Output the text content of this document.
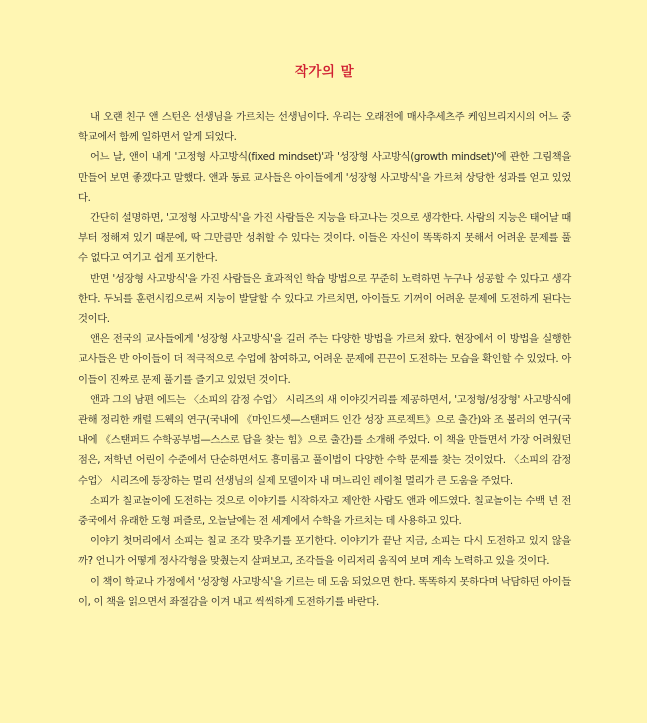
작가의 말

내 오랜 친구 앤 스턴은 선생님을 가르치는 선생님이다. 우리는 오래전에 매사추세츠주 케임브리지시의 어느 중학교에서 함께 일하면서 알게 되었다.

어느 날, 앤이 내게 '고정형 사고방식(fixed mindset)'과 '성장형 사고방식(growth mindset)'에 관한 그림책을 만들어 보면 좋겠다고 말했다. 앤과 동료 교사들은 아이들에게 '성장형 사고방식'을 가르쳐 상당한 성과를 얻고 있었다.

간단히 설명하면, '고정형 사고방식'을 가진 사람들은 지능을 타고나는 것으로 생각한다. 사람의 지능은 태어날 때부터 정해져 있기 때문에, 딱 그만큼만 성취할 수 있다는 것이다. 이들은 자신이 똑똑하지 못해서 어려운 문제를 풀 수 없다고 여기고 쉽게 포기한다.

반면 '성장형 사고방식'을 가진 사람들은 효과적인 학습 방법으로 꾸준히 노력하면 누구나 성공할 수 있다고 생각한다. 두뇌를 훈련시킴으로써 지능이 발달할 수 있다고 가르치면, 아이들도 기꺼이 어려운 문제에 도전하게 된다는 것이다.

앤은 전국의 교사들에게 '성장형 사고방식'을 길러 주는 다양한 방법을 가르쳐 왔다. 현장에서 이 방법을 실행한 교사들은 반 아이들이 더 적극적으로 수업에 참여하고, 어려운 문제에 끈끈이 도전하는 모습을 확인할 수 있었다. 아이들이 진짜로 문제 풀기를 즐기고 있었던 것이다.

앤과 그의 남편 에드는 〈소피의 감정 수업〉 시리즈의 새 이야깃거리를 제공하면서, '고정형/성장형' 사고방식에 관해 정리한 캐럴 드웩의 연구(국내에 《마인드셋—스탠퍼드 인간 성장 프로젝트》으로 출간)와 조 볼러의 연구(국내에 《스탠퍼드 수학공부법—스스로 답을 찾는 힘》으로 출간)를 소개해 주었다. 이 책을 만들면서 가장 어려웠던 점은, 저학년 어린이 수준에서 단순하면서도 흥미롭고 풀이법이 다양한 수학 문제를 찾는 것이었다. 〈소피의 감정 수업〉 시리즈에 등장하는 멀리 선생님의 실제 모델이자 내 며느리인 레이철 멀리가 큰 도움을 주었다.

소피가 칠교놀이에 도전하는 것으로 이야기를 시작하자고 제안한 사람도 앤과 에드였다. 칠교놀이는 수백 년 전 중국에서 유래한 도형 퍼즐로, 오늘날에는 전 세계에서 수학을 가르치는 데 사용하고 있다.

이야기 첫머리에서 소피는 칠교 조각 맞추기를 포기한다. 이야기가 끝난 지금, 소피는 다시 도전하고 있지 않을까? 언니가 어떻게 정사각형을 맞췄는지 살펴보고, 조각들을 이리저리 움직여 보며 계속 노력하고 있을 것이다.

이 책이 학교나 가정에서 '성장형 사고방식'을 기르는 데 도움 되었으면 한다. 똑똑하지 못하다며 낙담하던 아이들이, 이 책을 읽으면서 좌절감을 이겨 내고 씩씩하게 도전하기를 바란다.
